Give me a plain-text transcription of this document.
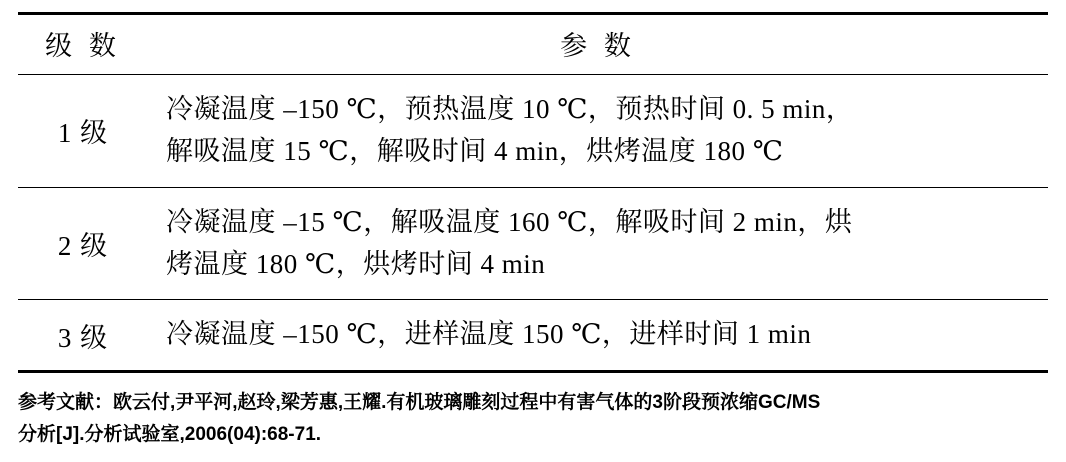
级 数	参 数
1 级	冷凝温度 –150 ℃，预热温度 10 ℃，预热时间 0. 5 min，
解吸温度 15 ℃，解吸时间 4 min，烘烤温度 180 ℃

2 级	冷凝温度 –15 ℃，解吸温度 160 ℃，解吸时间 2 min，烘
烤温度 180 ℃，烘烤时间 4 min

3 级	冷凝温度 –150 ℃，进样温度 150 ℃，进样时间 1 min
参考文献：欧云付,尹平河,赵玲,梁芳惠,王耀.有机玻璃雕刻过程中有害气体的3阶段预浓缩GC/MS
分析[J].分析试验室,2006(04):68-71.
